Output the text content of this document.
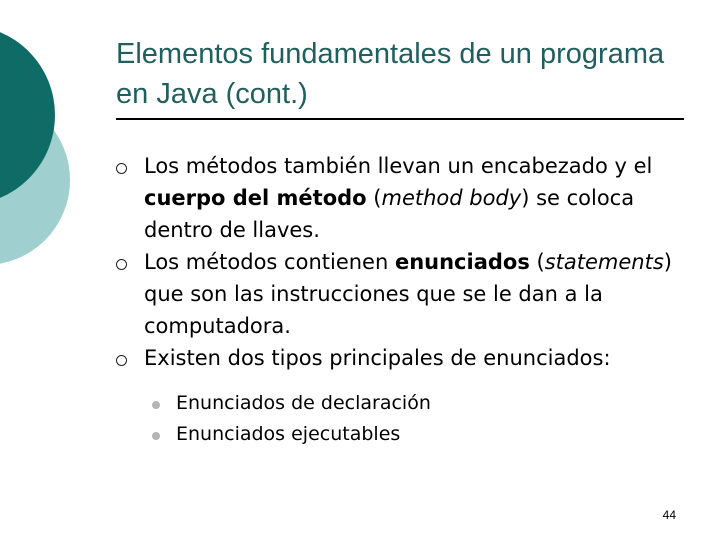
Elementos fundamentales de un programa en Java (cont.)
Los métodos también llevan un encabezado y el cuerpo del método (method body) se coloca dentro de llaves.
Los métodos contienen enunciados (statements) que son las instrucciones que se le dan a la computadora.
Existen dos tipos principales de enunciados:
Enunciados de declaración
Enunciados ejecutables
44
